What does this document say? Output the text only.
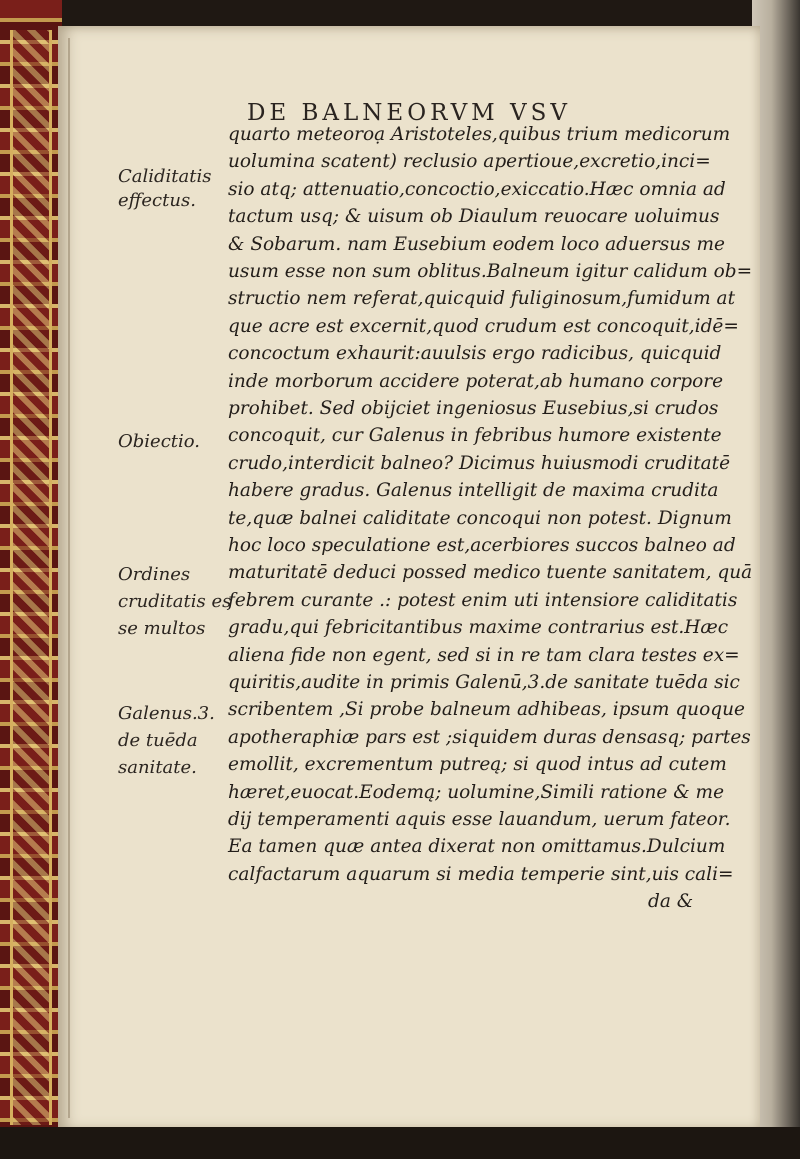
DE BALNEORVM VSV
Caliditatis
effectus.
Obiectio.
Ordines
cruditatis es
se multos
Galenus.3.
de tuēda
sanitate.
quarto meteoroạ Aristoteles,quibus trium medicorum
uolumina scatent) reclusio apertioue,excretio,inci=
sio atq; attenuatio,concoctio,exiccatio.Hæc omnia ad
tactum usq; & uisum ob Diaulum reuocare uoluimus
& Sobarum. nam Eusebium eodem loco aduersus me
usum esse non sum oblitus.Balneum igitur calidum ob=
structio nem referat,quicquid fuliginosum,fumidum at
que acre est excernit,quod crudum est concoquit,idē=
concoctum exhaurit:auulsis ergo radicibus, quicquid
inde morborum accidere poterat,ab humano corpore
prohibet. Sed obijciet ingeniosus Eusebius,si crudos
concoquit, cur Galenus in febribus humore existente
crudo,interdicit balneo? Dicimus huiusmodi cruditatē
habere gradus. Galenus intelligit de maxima crudita
te,quæ balnei caliditate concoqui non potest. Dignum
hoc loco speculatione est,acerbiores succos balneo ad
maturitatē deduci possed medico tuente sanitatem, quā
febrem curante .: potest enim uti intensiore caliditatis
gradu,qui febricitantibus maxime contrarius est.Hæc
aliena fide non egent, sed si in re tam clara testes ex=
quiritis,audite in primis Galenū,3.de sanitate tuēda sic
scribentem ,Si probe balneum adhibeas, ipsum quoque
apotheraphiæ pars est ;siquidem duras densasq; partes
emollit, excrementum putreą; si quod intus ad cutem
hæret,euocat.Eodemą; uolumine,Simili ratione & me
dij temperamenti aquis esse lauandum, uerum fateor.
Ea tamen quæ antea dixerat non omittamus.Dulcium
calfactarum aquarum si media temperie sint,uis cali=
da &
